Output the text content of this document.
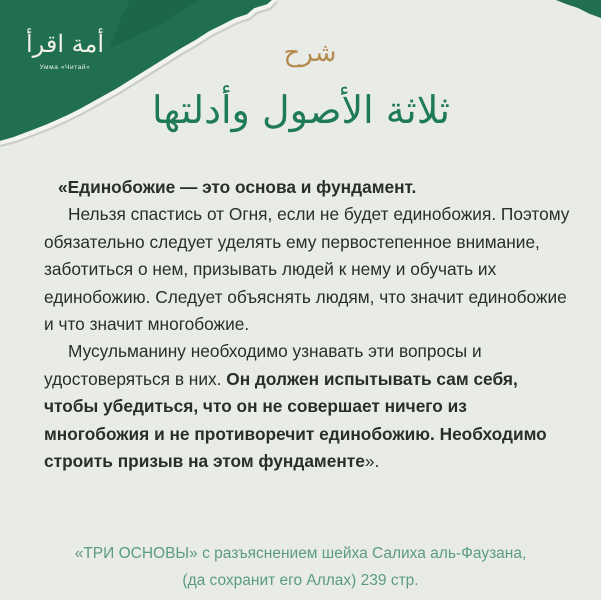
أمة اقرأ
Умма «Читай»	شرح
ثلاثة الأصول وأدلتها

«Единобожие — это основа и фундамент.

Нельзя спастись от Огня, если не будет единобожия. Поэтому обязательно следует уделять ему первостепенное внимание, заботиться о нем, призывать людей к нему и обучать их единобожию. Следует объяснять людям, что значит единобожие и что значит многобожие.

Мусульманину необходимо узнавать эти вопросы и удостоверяться в них. Он должен испытывать сам себя, чтобы убедиться, что он не совершает ничего из многобожия и не противоречит единобожию. Необходимо строить призыв на этом фундаменте».

«ТРИ ОСНОВЫ» с разъяснением шейха Салиха аль-Фаузана,
(да сохранит его Аллах) 239 стр.
